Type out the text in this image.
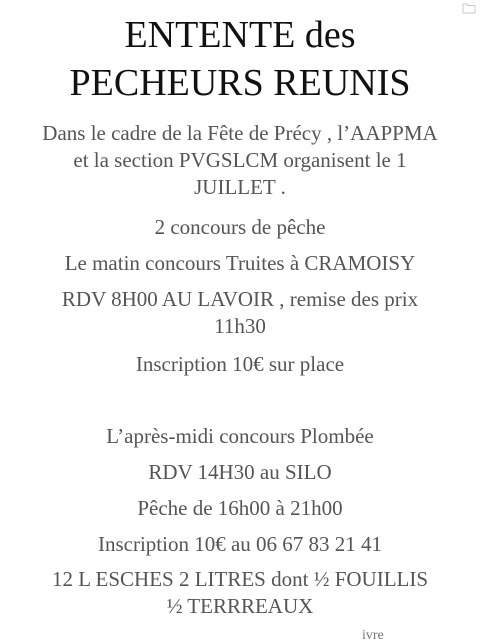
ENTENTE des
PECHEURS REUNIS

Dans le cadre de la Fête de Précy , l’AAPPMA
et la section PVGSLCM organisent le 1
JUILLET .

2 concours de pêche

Le matin concours Truites à CRAMOISY

RDV 8H00 AU LAVOIR , remise des prix
11h30

Inscription 10€ sur place

L’après-midi concours Plombée

RDV 14H30 au SILO

Pêche de 16h00 à 21h00

Inscription 10€ au 06 67 83 21 41

12 L ESCHES 2 LITRES dont ½ FOUILLIS
½ TERRREAUX

ivre
